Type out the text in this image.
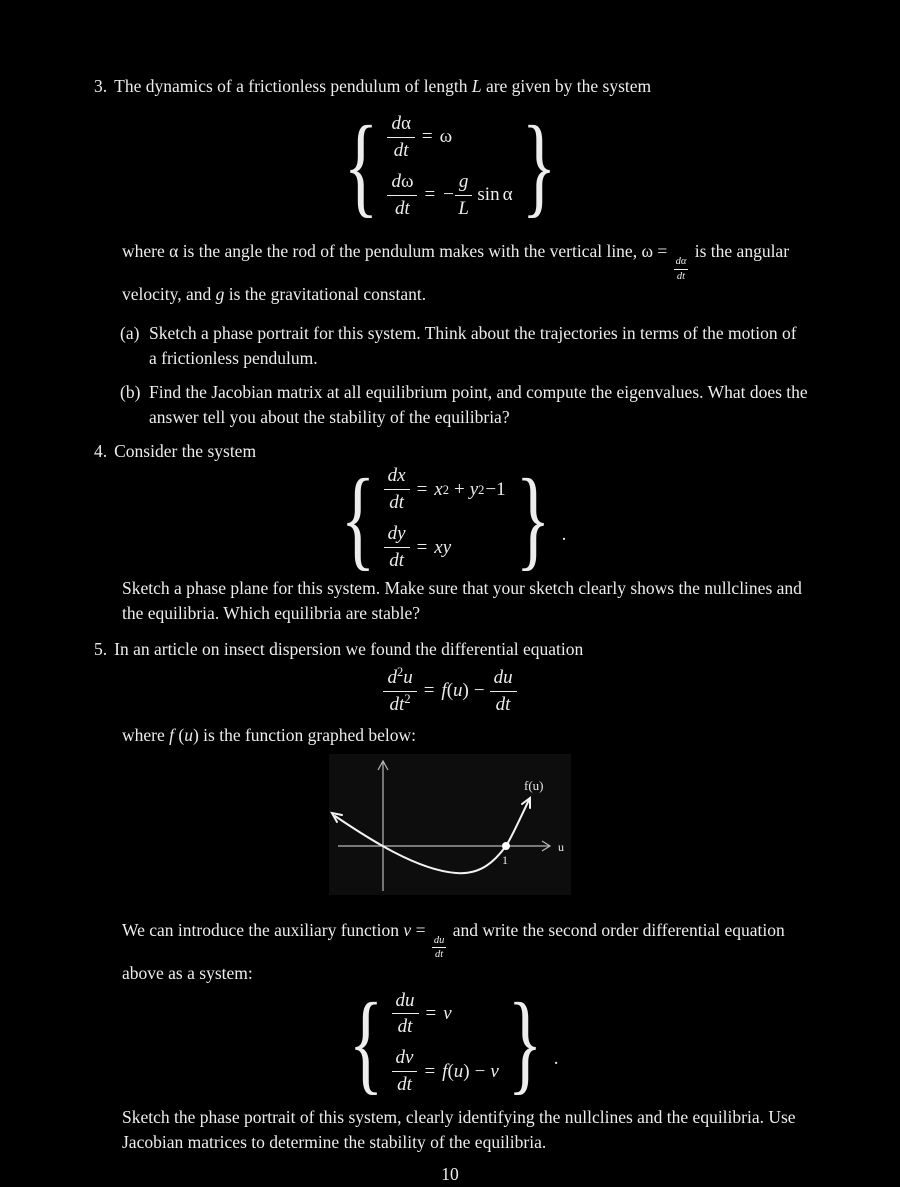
3. The dynamics of a frictionless pendulum of length L are given by the system
{ $\frac{d\alpha}{dt} = \omega$
$\frac{d\omega}{dt}$ = − $\frac{g}{L}$ sin α }
where α is the angle the rod of the pendulum makes with the vertical line, ω =
$\frac{d\alpha}{dt}$
is the angular velocity, and g is the gravitational constant.
(a) Sketch a phase portrait for this system. Think about the trajectories in terms of the motion of a frictionless pendulum.
(b) Find the Jacobian matrix at all equilibrium point, and compute the eigenvalues. What does the answer tell you about the stability of the equilibria?
4. Consider the system
{ $\frac{dx}{dt} = x$ 2 + y 2 −1
$\frac{dy}{dt}$ = xy } .
Sketch a phase plane for this system. Make sure that your sketch clearly shows the nullclines and the equilibria. Which equilibria are stable?
5. In an article on insect dispersion we found the differential equation
$\frac{d^2u}{dt^2} = f$ ( u ) − $\frac{du}{dt}$
where f (u) is the function graphed below:
f(u)
u
1
We can introduce the auxiliary function v =
$\frac{du}{dt}$
and write the second order differential equation above as a system:
{ $\frac{du}{dt} = v$
$\frac{dv}{dt} = f$ ( u ) − v } .
Sketch the phase portrait of this system, clearly identifying the nullclines and the equilibria. Use Jacobian matrices to determine the stability of the equilibria.
10
